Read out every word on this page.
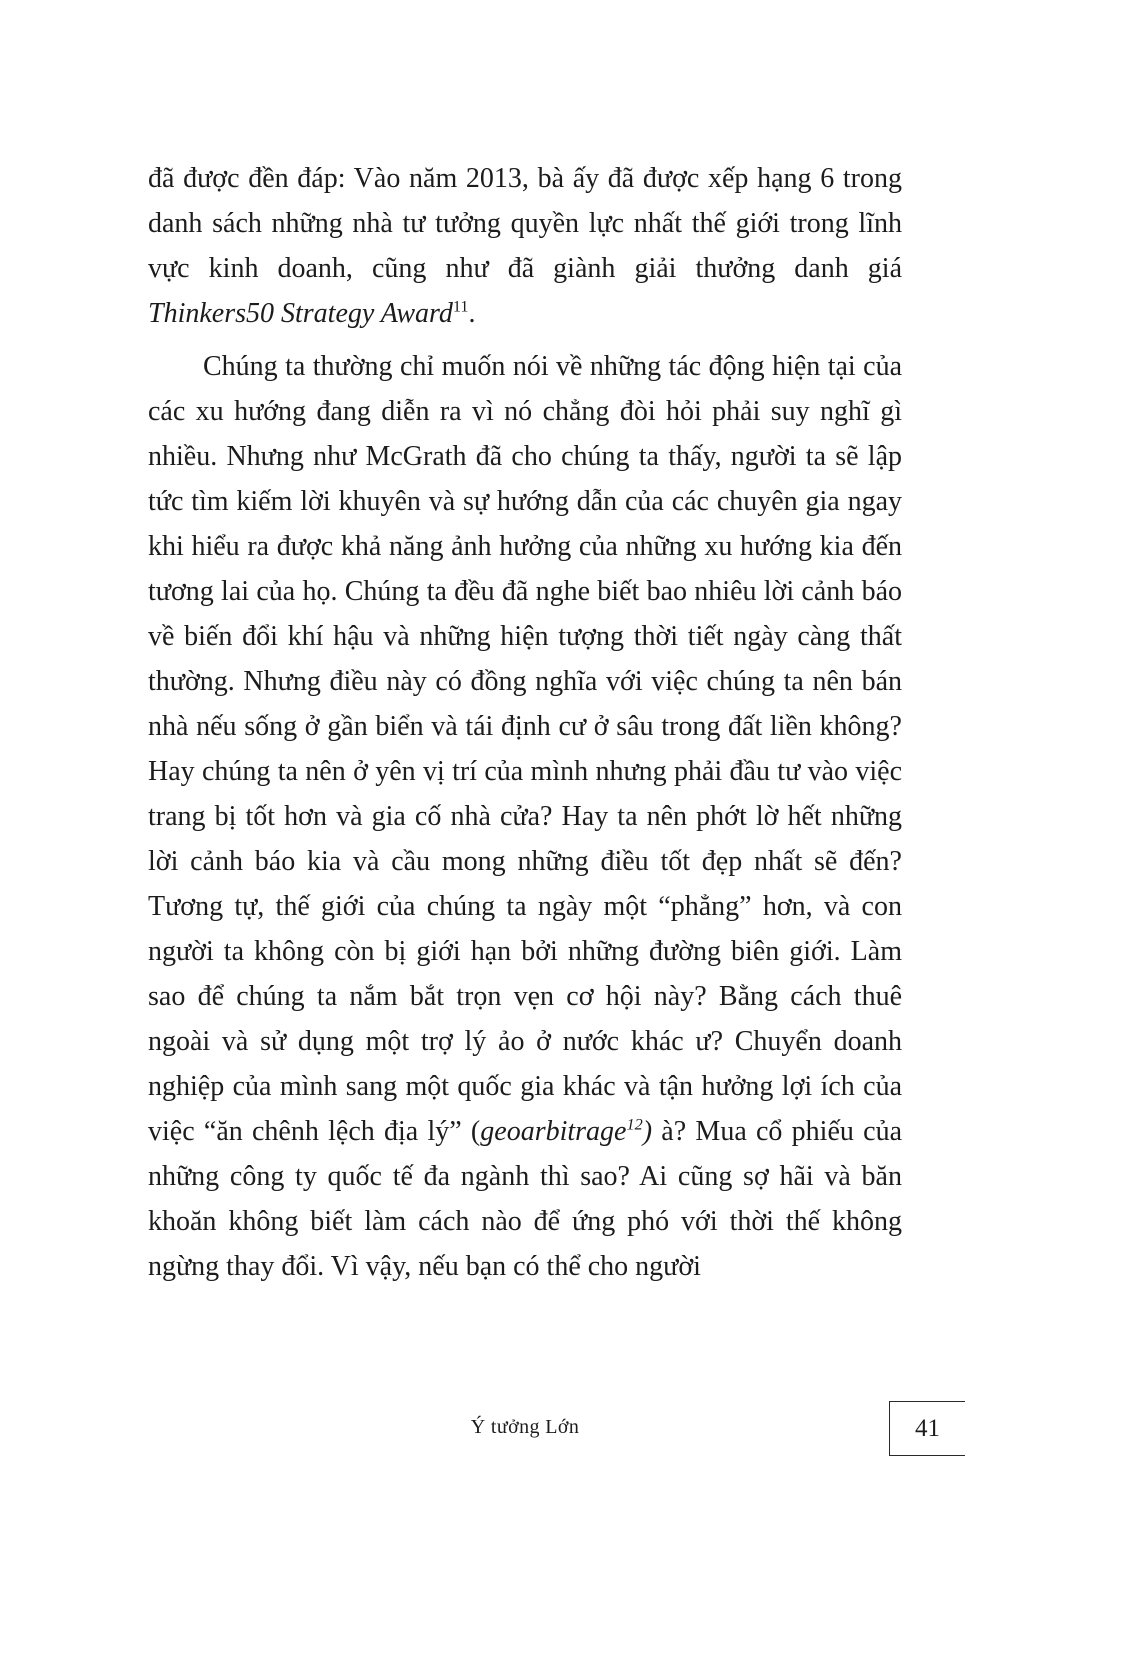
đã được đền đáp: Vào năm 2013, bà ấy đã được xếp hạng 6 trong danh sách những nhà tư tưởng quyền lực nhất thế giới trong lĩnh vực kinh doanh, cũng như đã giành giải thưởng danh giá Thinkers50 Strategy Award$^{11}$.

Chúng ta thường chỉ muốn nói về những tác động hiện tại của các xu hướng đang diễn ra vì nó chẳng đòi hỏi phải suy nghĩ gì nhiều. Nhưng như McGrath đã cho chúng ta thấy, người ta sẽ lập tức tìm kiếm lời khuyên và sự hướng dẫn của các chuyên gia ngay khi hiểu ra được khả năng ảnh hưởng của những xu hướng kia đến tương lai của họ. Chúng ta đều đã nghe biết bao nhiêu lời cảnh báo về biến đổi khí hậu và những hiện tượng thời tiết ngày càng thất thường. Nhưng điều này có đồng nghĩa với việc chúng ta nên bán nhà nếu sống ở gần biển và tái định cư ở sâu trong đất liền không? Hay chúng ta nên ở yên vị trí của mình nhưng phải đầu tư vào việc trang bị tốt hơn và gia cố nhà cửa? Hay ta nên phớt lờ hết những lời cảnh báo kia và cầu mong những điều tốt đẹp nhất sẽ đến? Tương tự, thế giới của chúng ta ngày một “phẳng” hơn, và con người ta không còn bị giới hạn bởi những đường biên giới. Làm sao để chúng ta nắm bắt trọn vẹn cơ hội này? Bằng cách thuê ngoài và sử dụng một trợ lý ảo ở nước khác ư? Chuyển doanh nghiệp của mình sang một quốc gia khác và tận hưởng lợi ích của việc “ăn chênh lệch địa lý” (geoarbitrage$^{12}$) à? Mua cổ phiếu của những công ty quốc tế đa ngành thì sao? Ai cũng sợ hãi và băn khoăn không biết làm cách nào để ứng phó với thời thế không ngừng thay đổi. Vì vậy, nếu bạn có thể cho người

Ý tưởng Lớn	41
